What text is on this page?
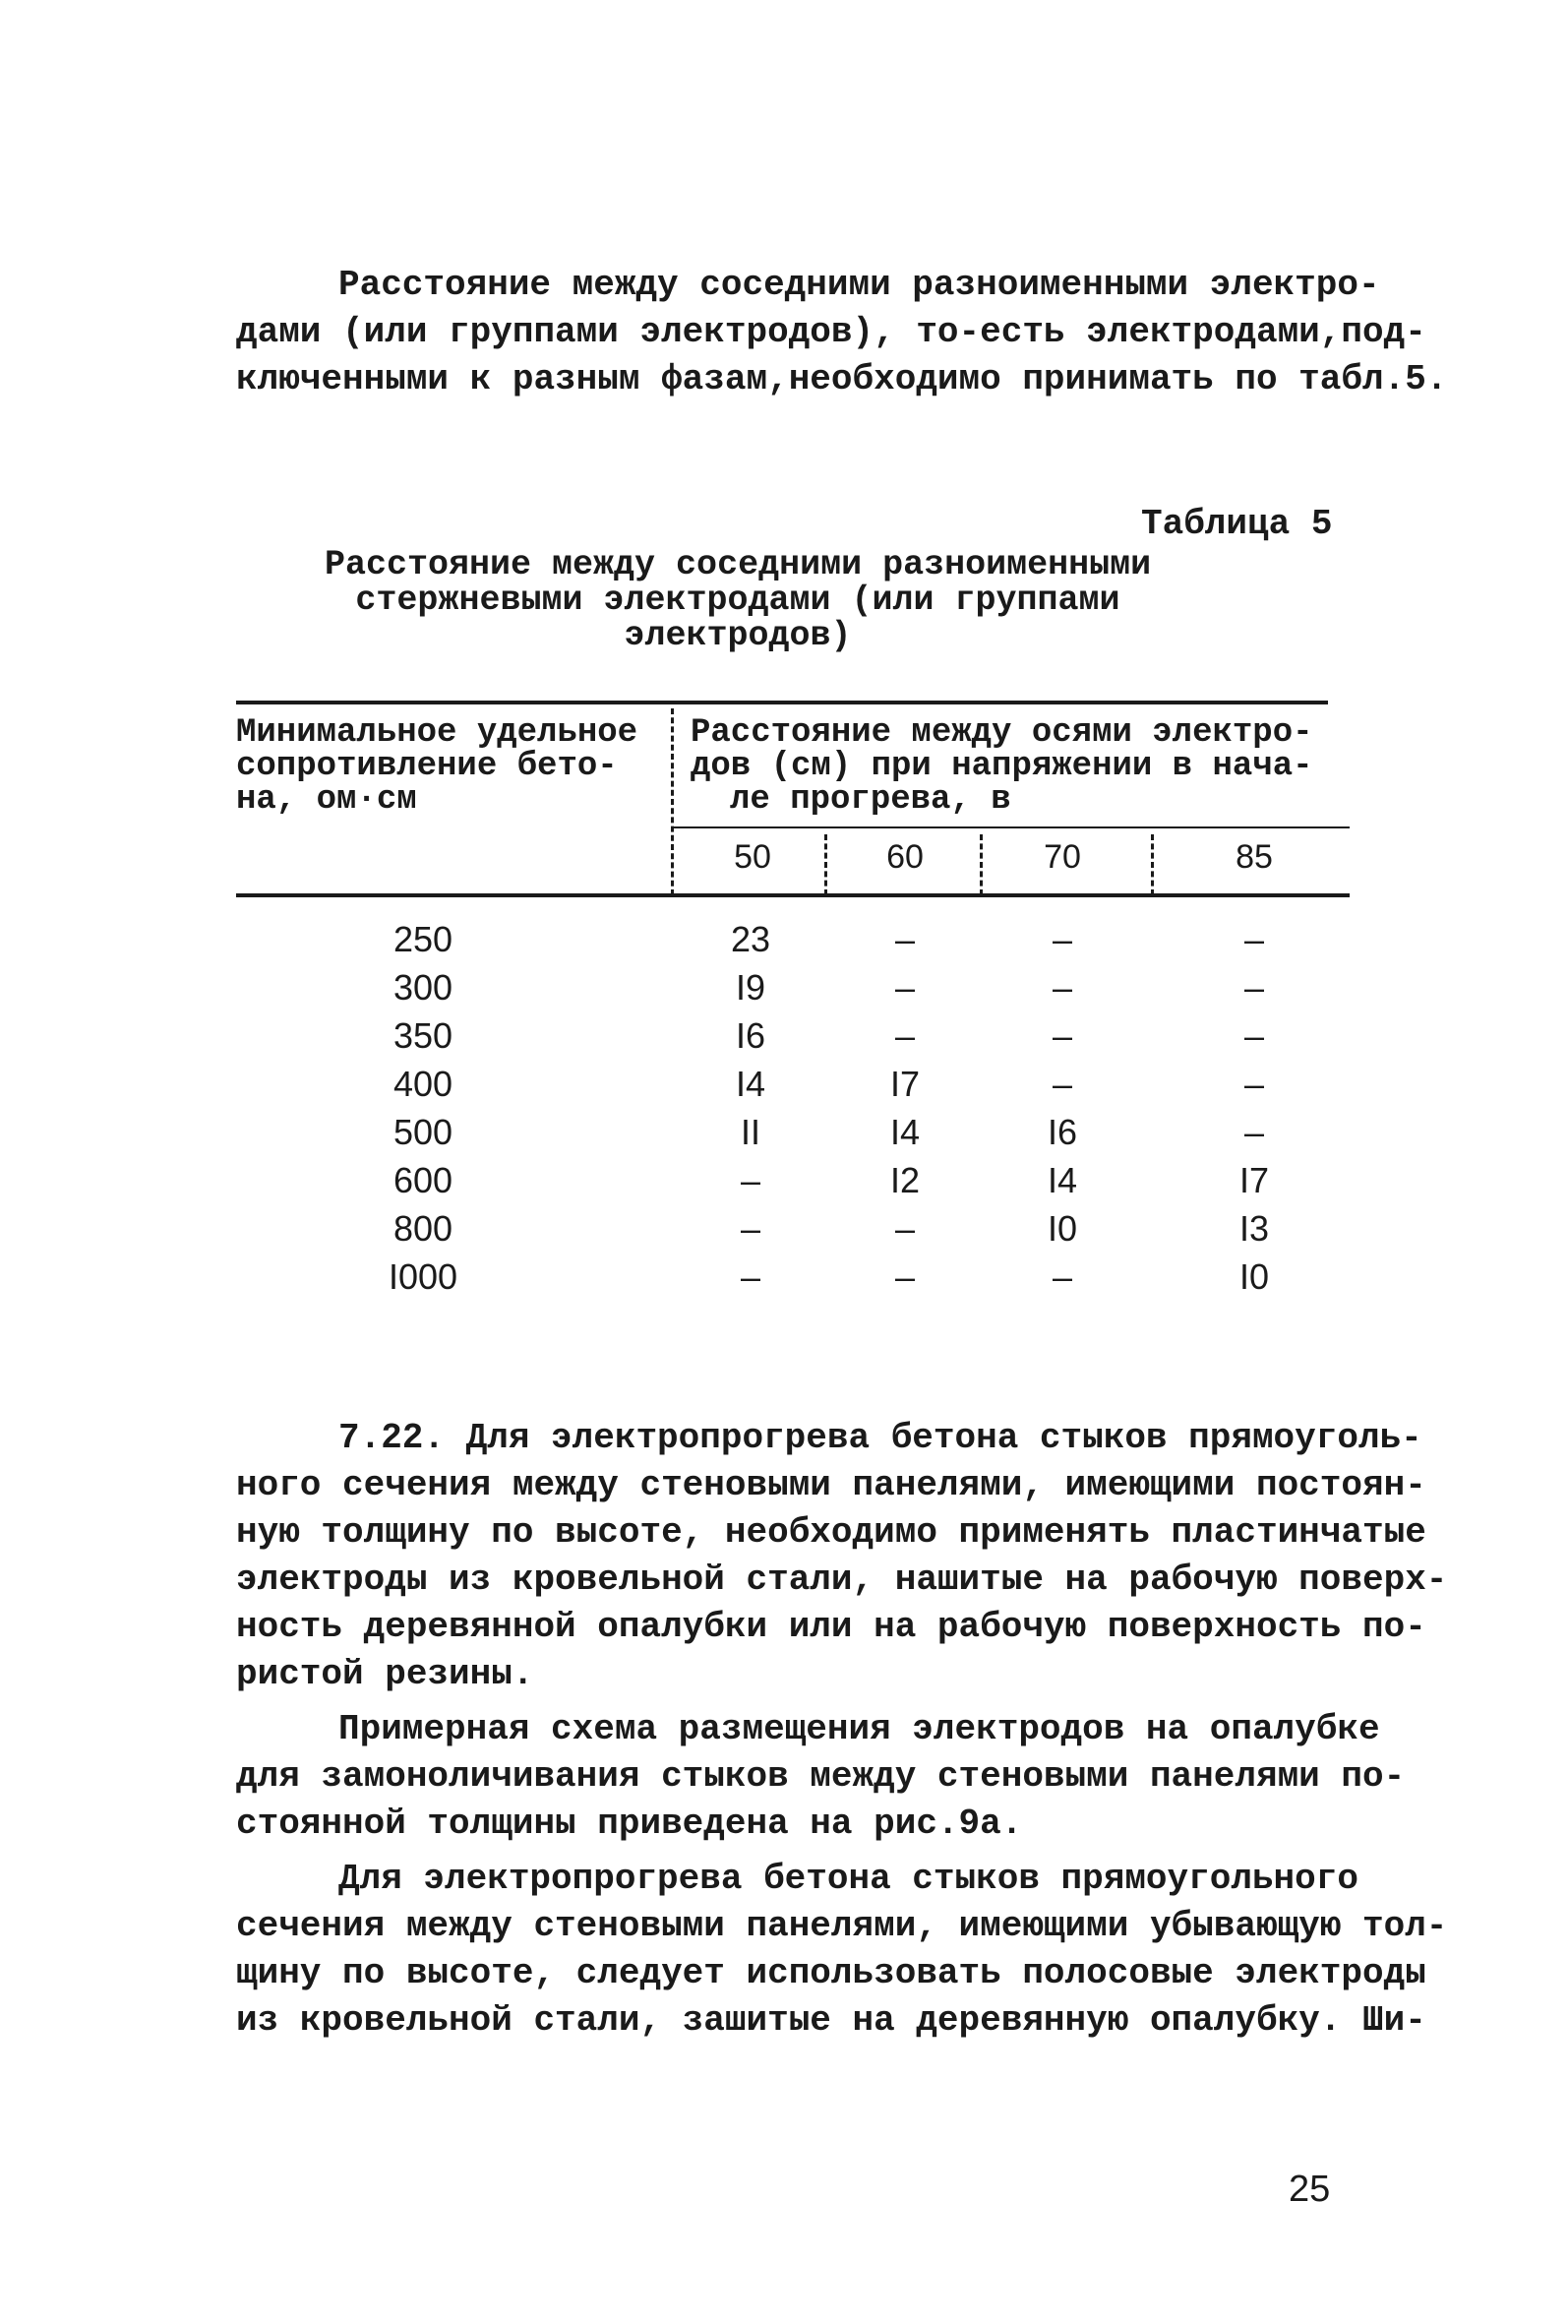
Расстояние между соседними разноименными электро-
дами (или группами электродов), то-есть электродами,под-
ключенными к разным фазам,необходимо принимать по табл.5.

Таблица 5
Расстояние между соседними разноименными
стержневыми электродами (или группами
электродов)
Минимальное удельное
сопротивление бето-
на, ом·см
Расстояние между осями электро-
дов (см) при напряжении в нача-
ле прогрева, в
50	60	70	85
250	23	–	–	–
300	I9	–	–	–
350	I6	–	–	–
400	I4	I7	–	–
500	II	I4	I6	–
600	–	I2	I4	I7
800	–	–	I0	I3
I000	–	–	–	I0

7.22. Для электропрогрева бетона стыков прямоуголь-
ного сечения между стеновыми панелями, имеющими постоян-
ную толщину по высоте, необходимо применять пластинчатые
электроды из кровельной стали, нашитые на рабочую поверх-
ность деревянной опалубки или на рабочую поверхность по-
ристой резины.

Примерная схема размещения электродов на опалубке
для замоноличивания стыков между стеновыми панелями по-
стоянной толщины приведена на рис.9а.

Для электропрогрева бетона стыков прямоугольного
сечения между стеновыми панелями, имеющими убывающую тол-
щину по высоте, следует использовать полосовые электроды
из кровельной стали, зашитые на деревянную опалубку. Ши-

25
